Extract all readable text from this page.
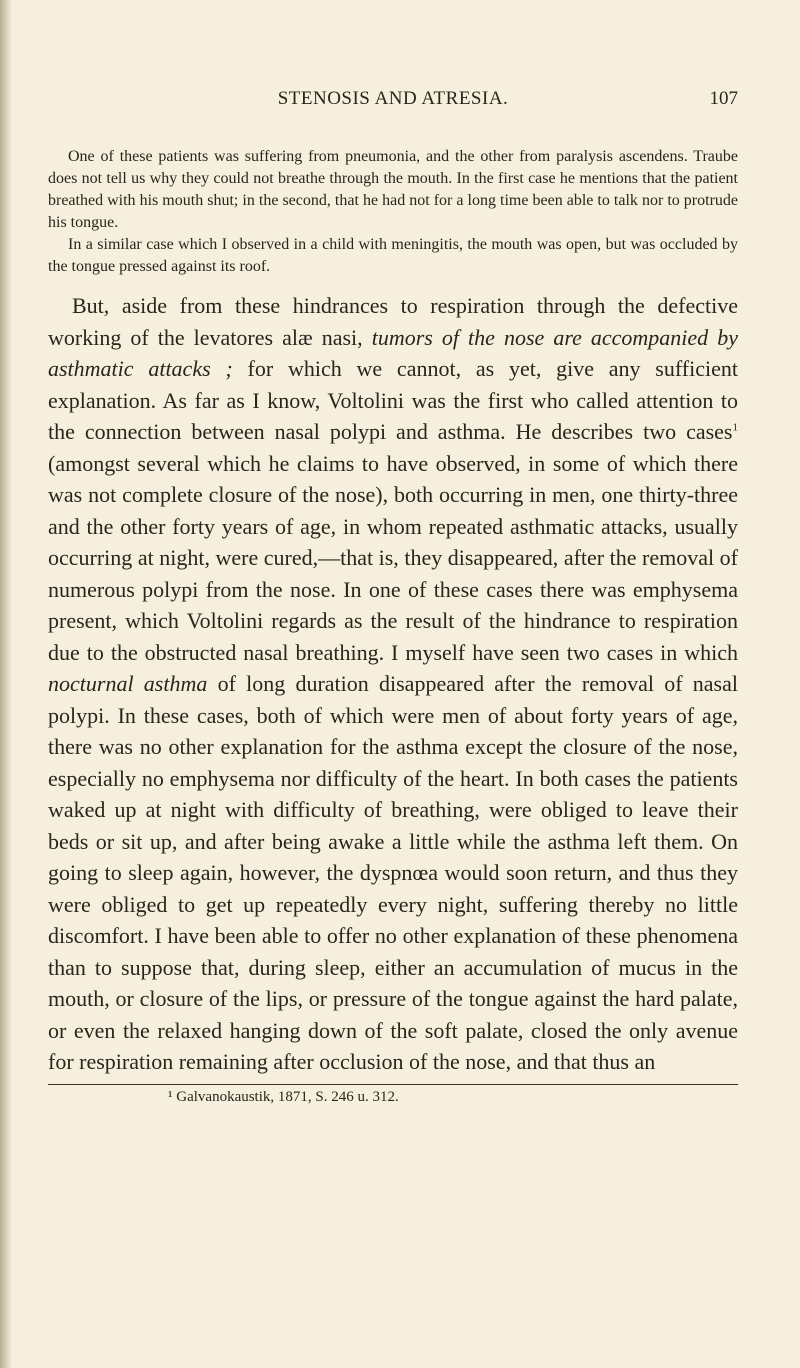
STENOSIS AND ATRESIA.	107

One of these patients was suffering from pneumonia, and the other from paralysis ascendens. Traube does not tell us why they could not breathe through the mouth. In the first case he mentions that the patient breathed with his mouth shut; in the second, that he had not for a long time been able to talk nor to protrude his tongue.

In a similar case which I observed in a child with meningitis, the mouth was open, but was occluded by the tongue pressed against its roof.

But, aside from these hindrances to respiration through the defective working of the levatores alæ nasi, tumors of the nose are accompanied by asthmatic attacks ; for which we cannot, as yet, give any sufficient explanation. As far as I know, Voltolini was the first who called attention to the connection between nasal polypi and asthma. He describes two cases$^1$ (amongst several which he claims to have observed, in some of which there was not complete closure of the nose), both occurring in men, one thirty-three and the other forty years of age, in whom repeated asthmatic attacks, usually occurring at night, were cured,—that is, they disappeared, after the removal of numerous polypi from the nose. In one of these cases there was emphysema present, which Voltolini regards as the result of the hindrance to respiration due to the obstructed nasal breathing. I myself have seen two cases in which nocturnal asthma of long duration disappeared after the removal of nasal polypi. In these cases, both of which were men of about forty years of age, there was no other explanation for the asthma except the closure of the nose, especially no emphysema nor difficulty of the heart. In both cases the patients waked up at night with difficulty of breathing, were obliged to leave their beds or sit up, and after being awake a little while the asthma left them. On going to sleep again, however, the dyspnœa would soon return, and thus they were obliged to get up repeatedly every night, suffering thereby no little discomfort. I have been able to offer no other explanation of these phenomena than to suppose that, during sleep, either an accumulation of mucus in the mouth, or closure of the lips, or pressure of the tongue against the hard palate, or even the relaxed hanging down of the soft palate, closed the only avenue for respiration remaining after occlusion of the nose, and that thus an

¹ Galvanokaustik, 1871, S. 246 u. 312.
